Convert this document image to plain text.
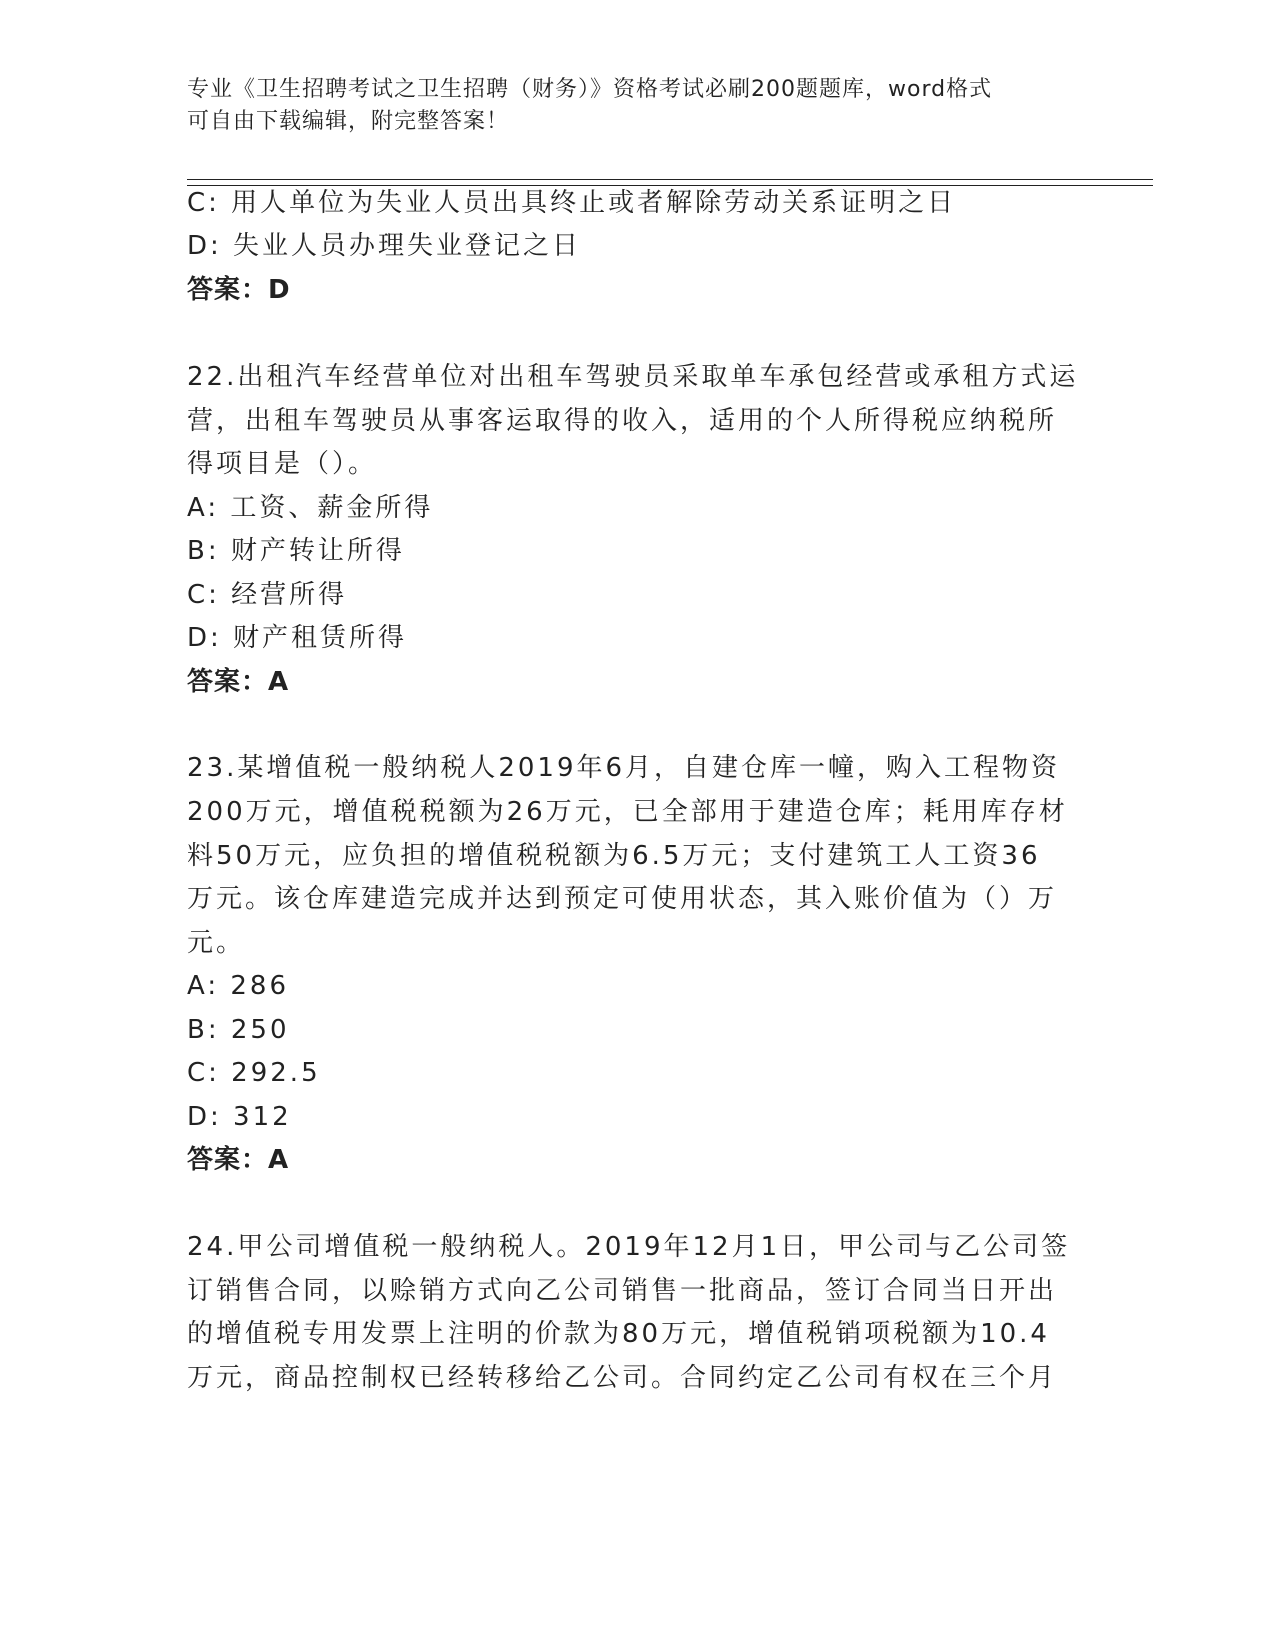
专业《卫生招聘考试之卫生招聘（财务）》资格考试必刷200题题库，word格式
可自由下载编辑，附完整答案！
C: 用人单位为失业人员出具终止或者解除劳动关系证明之日
D: 失业人员办理失业登记之日
答案：D
22.出租汽车经营单位对出租车驾驶员采取单车承包经营或承租方式运
营，出租车驾驶员从事客运取得的收入，适用的个人所得税应纳税所
得项目是（）。
A: 工资、薪金所得
B: 财产转让所得
C: 经营所得
D: 财产租赁所得
答案：A
23.某增值税一般纳税人2019年6月，自建仓库一幢，购入工程物资
200万元，增值税税额为26万元，已全部用于建造仓库；耗用库存材
料50万元，应负担的增值税税额为6.5万元；支付建筑工人工资36
万元。该仓库建造完成并达到预定可使用状态，其入账价值为（）万
元。
A: 286
B: 250
C: 292.5
D: 312
答案：A
24.甲公司增值税一般纳税人。2019年12月1日，甲公司与乙公司签
订销售合同，以赊销方式向乙公司销售一批商品，签订合同当日开出
的增值税专用发票上注明的价款为80万元，增值税销项税额为10.4
万元，商品控制权已经转移给乙公司。合同约定乙公司有权在三个月
